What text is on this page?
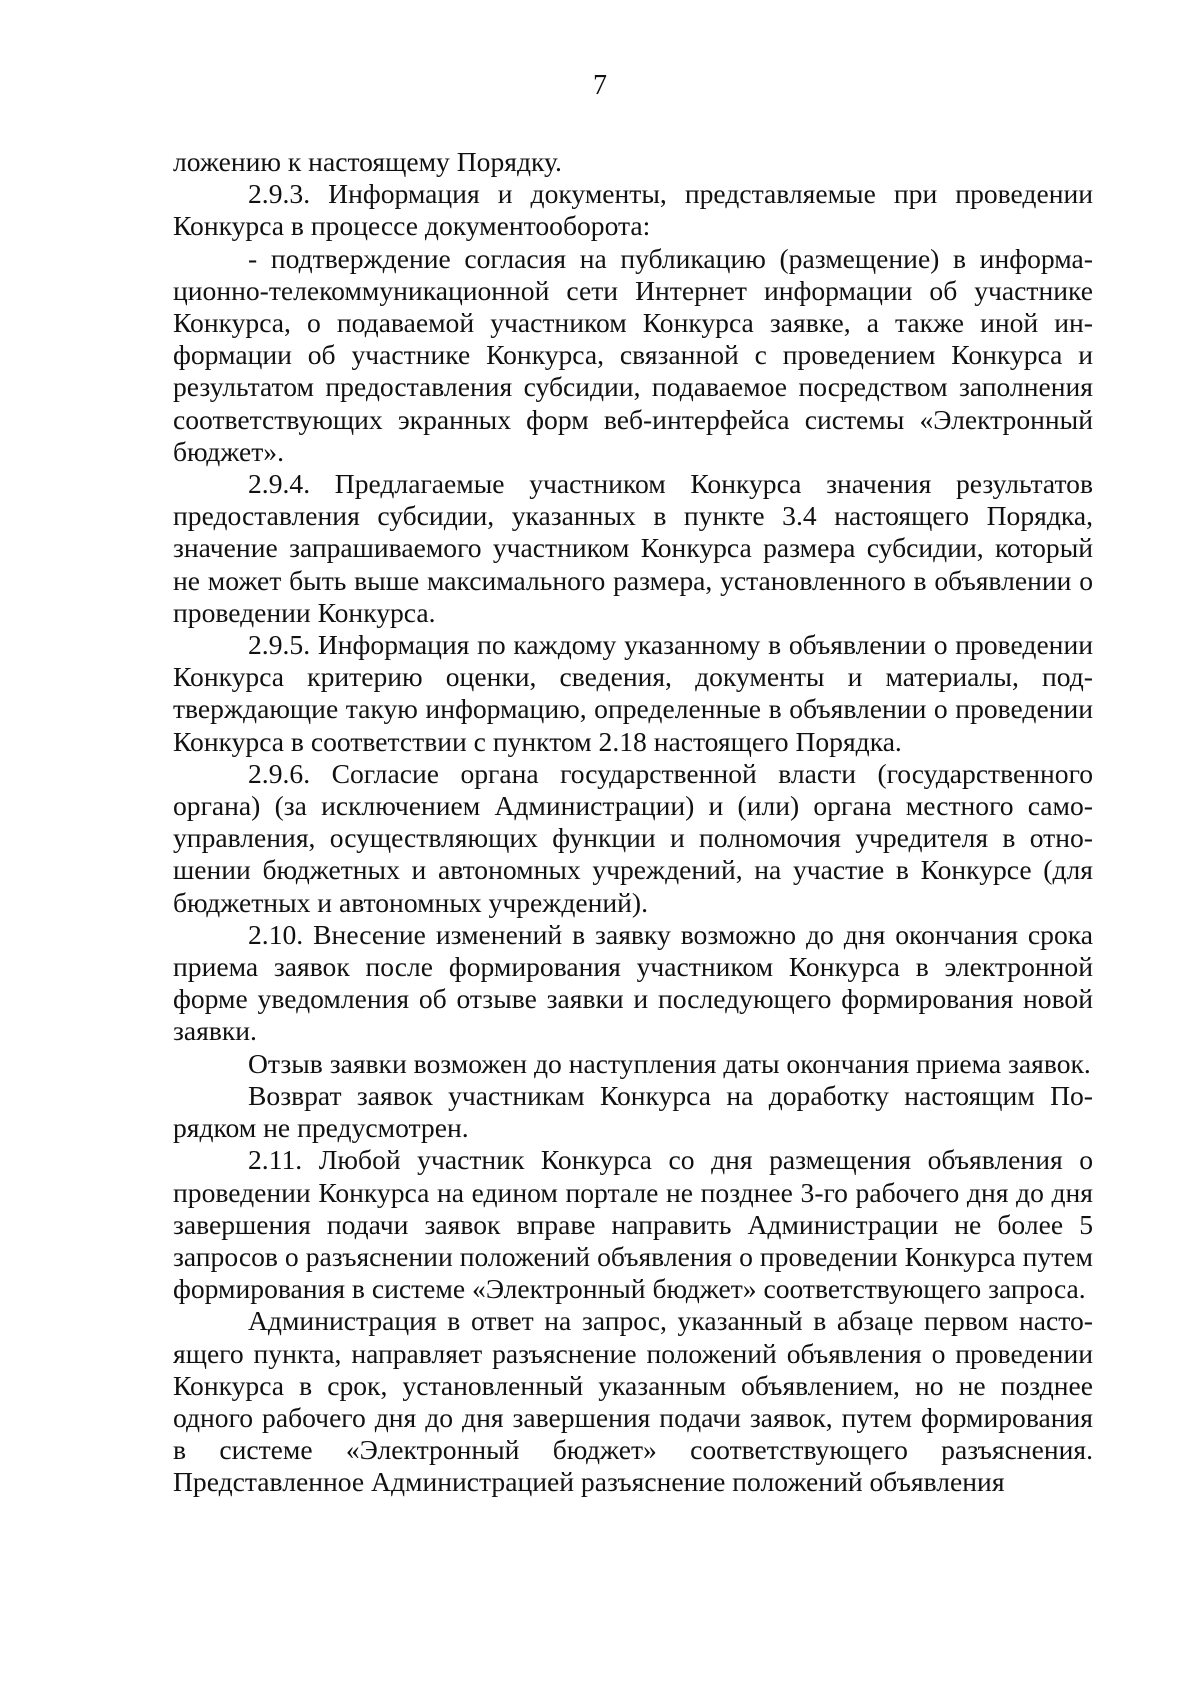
7

ложению к настоящему Порядку.

2.9.3. Информация и документы, представляемые при проведении Конкурса в процессе документооборота:

- подтверждение согласия на публикацию (размещение) в информационно-телекоммуникационной сети Интернет информации об участнике Конкурса, о подаваемой участником Конкурса заявке, а также иной информации об участнике Конкурса, связанной с проведением Конкурса и результатом предоставления субсидии, подаваемое посредством заполнения соответствующих экранных форм веб-интерфейса системы «Электронный бюджет».

2.9.4. Предлагаемые участником Конкурса значения результатов предоставления субсидии, указанных в пункте 3.4 настоящего Порядка, значение запрашиваемого участником Конкурса размера субсидии, который не может быть выше максимального размера, установленного в объявлении о проведении Конкурса.

2.9.5. Информация по каждому указанному в объявлении о проведении Конкурса критерию оценки, сведения, документы и материалы, подтверждающие такую информацию, определенные в объявлении о проведении Конкурса в соответствии с пунктом 2.18 настоящего Порядка.

2.9.6. Согласие органа государственной власти (государственного органа) (за исключением Администрации) и (или) органа местного самоуправления, осуществляющих функции и полномочия учредителя в отношении бюджетных и автономных учреждений, на участие в Конкурсе (для бюджетных и автономных учреждений).

2.10. Внесение изменений в заявку возможно до дня окончания срока приема заявок после формирования участником Конкурса в электронной форме уведомления об отзыве заявки и последующего формирования новой заявки.

Отзыв заявки возможен до наступления даты окончания приема заявок.

Возврат заявок участникам Конкурса на доработку настоящим Порядком не предусмотрен.

2.11. Любой участник Конкурса со дня размещения объявления о проведении Конкурса на едином портале не позднее 3-го рабочего дня до дня завершения подачи заявок вправе направить Администрации не более 5 запросов о разъяснении положений объявления о проведении Конкурса путем формирования в системе «Электронный бюджет» соответствующего запроса.

Администрация в ответ на запрос, указанный в абзаце первом настоящего пункта, направляет разъяснение положений объявления о проведении Конкурса в срок, установленный указанным объявлением, но не позднее одного рабочего дня до дня завершения подачи заявок, путем формирования в системе «Электронный бюджет» соответствующего разъяснения. Представленное Администрацией разъяснение положений объявления
